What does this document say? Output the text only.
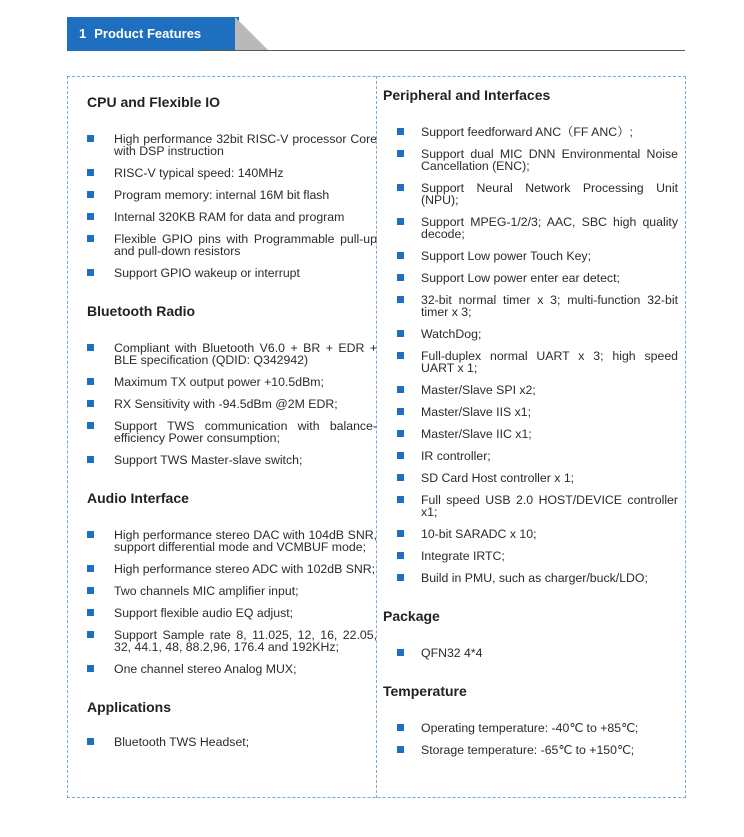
1 Product Features
CPU and Flexible IO
High performance 32bit RISC-V processor Core with DSP instruction
RISC-V typical speed: 140MHz
Program memory: internal 16M bit flash
Internal 320KB RAM for data and program
Flexible GPIO pins with Programmable pull-up and pull-down resistors
Support GPIO wakeup or interrupt
Bluetooth Radio
Compliant with Bluetooth V6.0 + BR + EDR + BLE specification (QDID: Q342942)
Maximum TX output power +10.5dBm;
RX Sensitivity with -94.5dBm @2M EDR;
Support TWS communication with balance-efficiency Power consumption;
Support TWS Master-slave switch;
Audio Interface
High performance stereo DAC with 104dB SNR, support differential mode and VCMBUF mode;
High performance stereo ADC with 102dB SNR;
Two channels MIC amplifier input;
Support flexible audio EQ adjust;
Support Sample rate 8, 11.025, 12, 16, 22.05, 32, 44.1, 48, 88.2,96, 176.4 and 192KHz;
One channel stereo Analog MUX;
Applications
Bluetooth TWS Headset;
Peripheral and Interfaces
Support feedforward ANC（FF ANC）;
Support dual MIC DNN Environmental Noise Cancellation (ENC);
Support Neural Network Processing Unit (NPU);
Support MPEG-1/2/3; AAC, SBC high quality decode;
Support Low power Touch Key;
Support Low power enter ear detect;
32-bit normal timer x 3; multi-function 32-bit timer x 3;
WatchDog;
Full-duplex normal UART x 3; high speed UART x 1;
Master/Slave SPI x2;
Master/Slave IIS x1;
Master/Slave IIC x1;
IR controller;
SD Card Host controller x 1;
Full speed USB 2.0 HOST/DEVICE controller x1;
10-bit SARADC x 10;
Integrate IRTC;
Build in PMU, such as charger/buck/LDO;
Package
QFN32 4*4
Temperature
Operating temperature: -40℃ to +85℃;
Storage temperature: -65℃ to +150℃;
